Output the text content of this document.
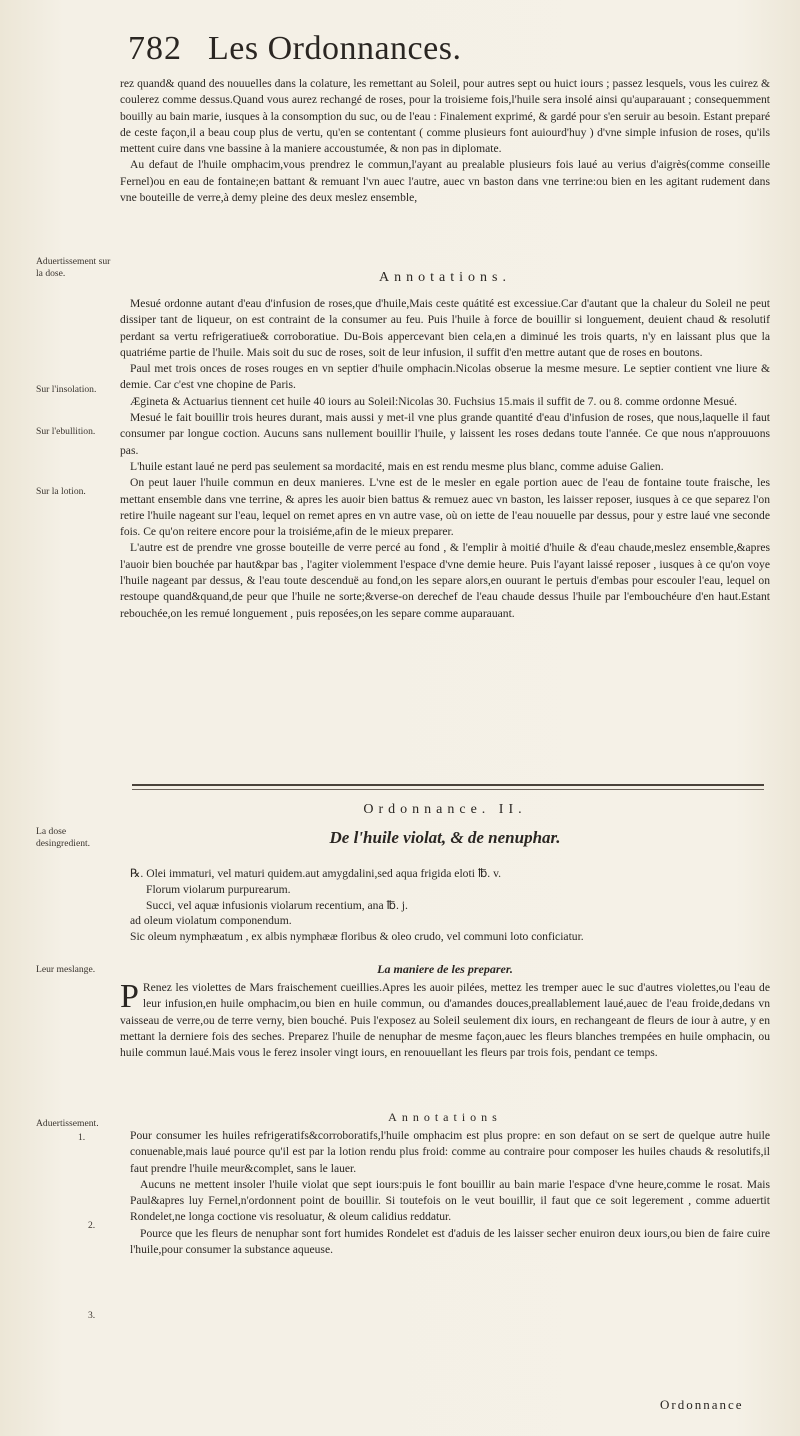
782 Les Ordonnances.
Aduertissement sur la dose.
Sur l'insolation.
Sur l'ebullition.
Sur la lotion.
La dose desingredient.
Leur meslange.
Aduertissement.
1.
2.
3.

rez quand& quand des nouuelles dans la colature, les remettant au Soleil, pour autres sept ou huict iours ; passez lesquels, vous les cuirez & coulerez comme dessus.Quand vous aurez rechangé de roses, pour la troisieme fois,l'huile sera insolé ainsi qu'auparauant ; consequemment bouilly au bain marie, iusques à la consomption du suc, ou de l'eau : Finalement exprimé, & gardé pour s'en seruir au besoin. Estant preparé de ceste façon,il a beau coup plus de vertu, qu'en se contentant ( comme plusieurs font auiourd'huy ) d'vne simple infusion de roses, qu'ils mettent cuire dans vne bassine à la maniere accoustumée, & non pas in diplomate.

Au defaut de l'huile omphacim,vous prendrez le commun,l'ayant au prealable plusieurs fois laué au verius d'aigrès(comme conseille Fernel)ou en eau de fontaine;en battant & remuant l'vn auec l'autre, auec vn baston dans vne terrine:ou bien en les agitant rudement dans vne bouteille de verre,à demy pleine des deux meslez ensemble,

Annotations.

Mesué ordonne autant d'eau d'infusion de roses,que d'huile,Mais ceste quátité est excessiue.Car d'autant que la chaleur du Soleil ne peut dissiper tant de liqueur, on est contraint de la consumer au feu. Puis l'huile à force de bouillir si longuement, deuient chaud & resolutif perdant sa vertu refrigeratiue& corroboratiue. Du-Bois appercevant bien cela,en a diminué les trois quarts, n'y en laissant plus que la quatriéme partie de l'huile. Mais soit du suc de roses, soit de leur infusion, il suffit d'en mettre autant que de roses en boutons.

Paul met trois onces de roses rouges en vn septier d'huile omphacin.Nicolas obserue la mesme mesure. Le septier contient vne liure & demie. Car c'est vne chopine de Paris.

Ægineta & Actuarius tiennent cet huile 40 iours au Soleil:Nicolas 30. Fuchsius 15.mais il suffit de 7. ou 8. comme ordonne Mesué.

Mesué le fait bouillir trois heures durant, mais aussi y met-il vne plus grande quantité d'eau d'infusion de roses, que nous,laquelle il faut consumer par longue coction. Aucuns sans nullement bouillir l'huile, y laissent les roses dedans toute l'année. Ce que nous n'approuuons pas.

L'huile estant laué ne perd pas seulement sa mordacité, mais en est rendu mesme plus blanc, comme aduise Galien.

On peut lauer l'huile commun en deux manieres. L'vne est de le mesler en egale portion auec de l'eau de fontaine toute fraische, les mettant ensemble dans vne terrine, & apres les auoir bien battus & remuez auec vn baston, les laisser reposer, iusques à ce que separez l'on retire l'huile nageant sur l'eau, lequel on remet apres en vn autre vase, où on iette de l'eau nouuelle par dessus, pour y estre laué vne seconde fois. Ce qu'on reitere encore pour la troisiéme,afin de le mieux preparer.

L'autre est de prendre vne grosse bouteille de verre percé au fond , & l'emplir à moitié d'huile & d'eau chaude,meslez ensemble,&apres l'auoir bien bouchée par haut&par bas , l'agiter violemment l'espace d'vne demie heure. Puis l'ayant laissé reposer , iusques à ce qu'on voye l'huile nageant par dessus, & l'eau toute descenduë au fond,on les separe alors,en ouurant le pertuis d'embas pour escouler l'eau, lequel on restoupe quand&quand,de peur que l'huile ne sorte;&verse-on derechef de l'eau chaude dessus l'huile par l'embouchéure d'en haut.Estant rebouchée,on les remué longuement , puis reposées,on les separe comme auparauant.

Ordonnance. II.
De l'huile violat, & de nenuphar.
℞. Olei immaturi, vel maturi quidem.aut amygdalini,sed aqua frigida eloti ℔. v.
Florum violarum purpurearum.
Succi, vel aquæ infusionis violarum recentium, ana ℔. j.
ad oleum violatum componendum.
Sic oleum nymphæatum , ex albis nymphææ floribus & oleo crudo, vel communi loto conficiatur.
La maniere de les preparer.
P Renez les violettes de Mars fraischement cueillies.Apres les auoir pilées, mettez les tremper auec le suc d'autres violettes,ou l'eau de leur infusion,en huile omphacim,ou bien en huile commun, ou d'amandes douces,preallablement laué,auec de l'eau froide,dedans vn vaisseau de verre,ou de terre verny, bien bouché. Puis l'exposez au Soleil seulement dix iours, en rechangeant de fleurs de iour à autre, y en mettant la derniere fois des seches. Preparez l'huile de nenuphar de mesme façon,auec les fleurs blanches trempées en huile omphacin, ou huile commun laué.Mais vous le ferez insoler vingt iours, en renouuellant les fleurs par trois fois, pendant ce temps.
Annotations

Pour consumer les huiles refrigeratifs&corroboratifs,l'huile omphacim est plus propre: en son defaut on se sert de quelque autre huile conuenable,mais laué pource qu'il est par la lotion rendu plus froid: comme au contraire pour composer les huiles chauds & resolutifs,il faut prendre l'huile meur&complet, sans le lauer.

Aucuns ne mettent insoler l'huile violat que sept iours:puis le font bouillir au bain marie l'espace d'vne heure,comme le rosat. Mais Paul&apres luy Fernel,n'ordonnent point de bouillir. Si toutefois on le veut bouillir, il faut que ce soit legerement , comme aduertit Rondelet,ne longa coctione vis resoluatur, & oleum calidius reddatur.

Pource que les fleurs de nenuphar sont fort humides Rondelet est d'aduis de les laisser secher enuiron deux iours,ou bien de faire cuire l'huile,pour consumer la substance aqueuse.

Ordonnance
